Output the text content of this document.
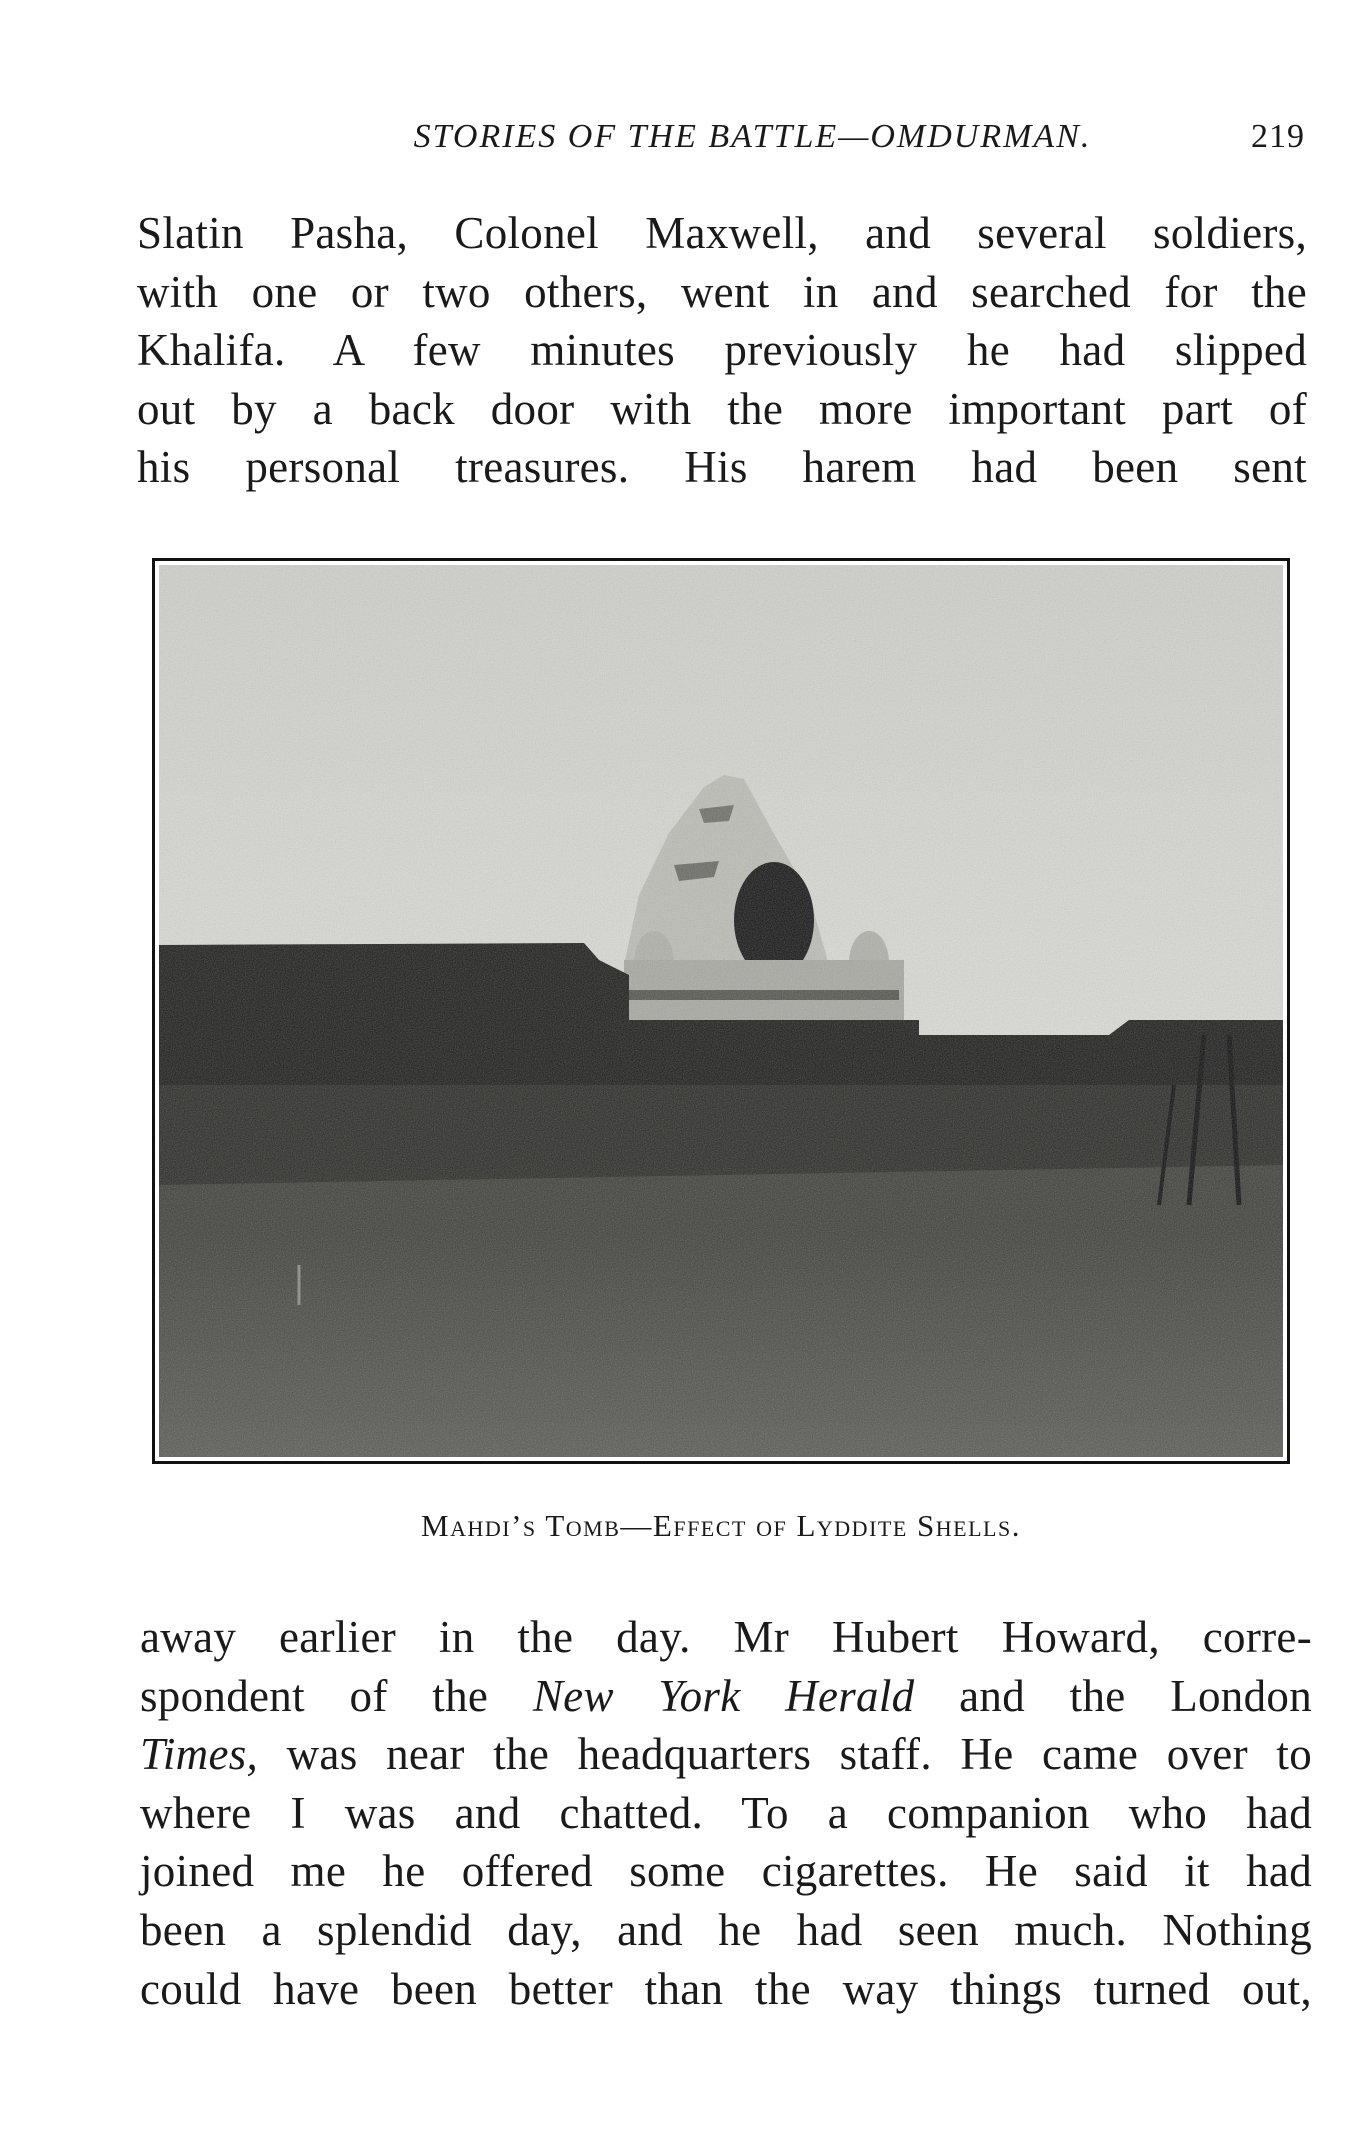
STORIES OF THE BATTLE—OMDURMAN.	219
Slatin Pasha, Colonel Maxwell, and several soldiers,
with one or two others, went in and searched for the
Khalifa. A few minutes previously he had slipped
out by a back door with the more important part of
his personal treasures. His harem had been sent
Mahdi’s Tomb—Effect of Lyddite Shells.
away earlier in the day. Mr Hubert Howard, corre-
spondent of the New York Herald and the London
Times, was near the headquarters staff. He came over to
where I was and chatted. To a companion who had
joined me he offered some cigarettes. He said it had
been a splendid day, and he had seen much. Nothing
could have been better than the way things turned out,
